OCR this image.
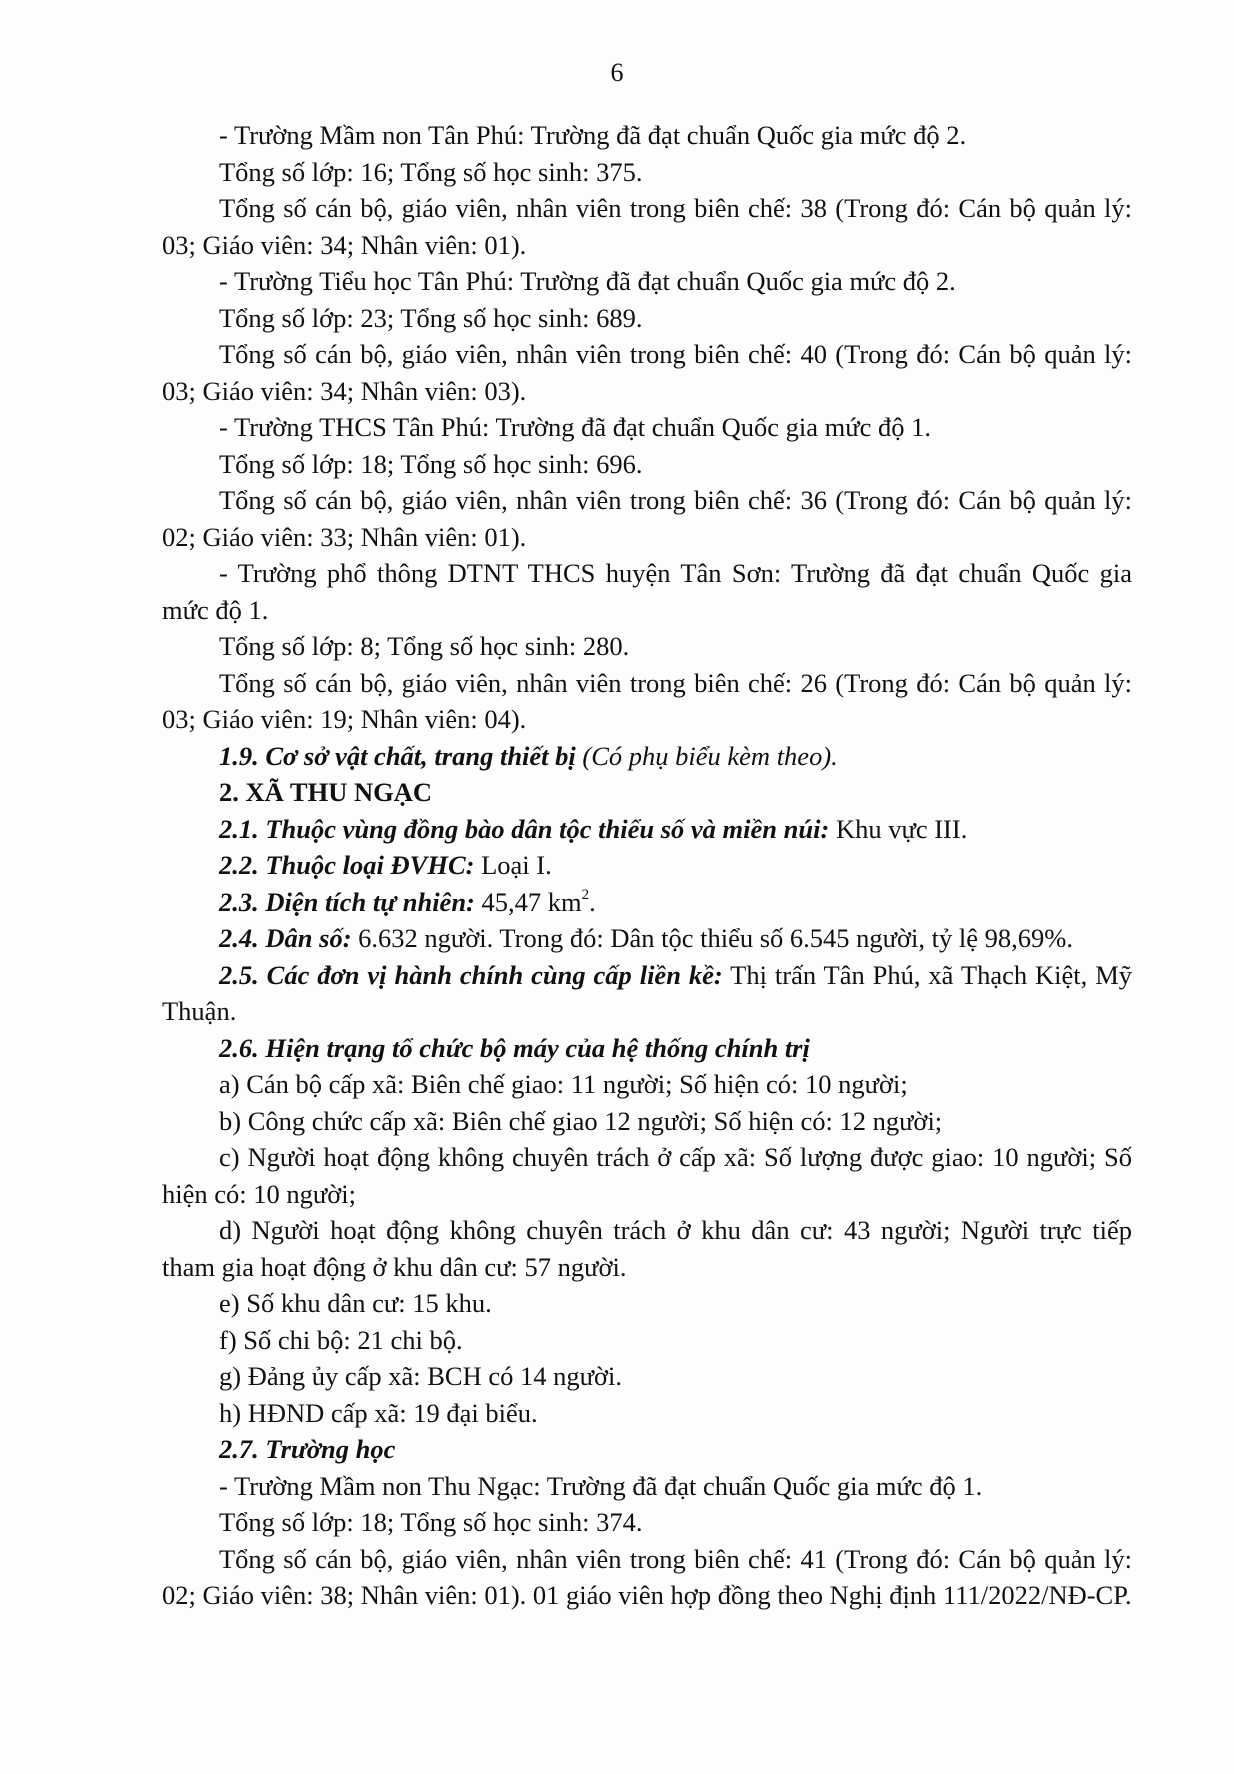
6

- Trường Mầm non Tân Phú: Trường đã đạt chuẩn Quốc gia mức độ 2.

Tổng số lớp: 16; Tổng số học sinh: 375.

Tổng số cán bộ, giáo viên, nhân viên trong biên chế: 38 (Trong đó: Cán bộ quản lý: 03; Giáo viên: 34; Nhân viên: 01).

- Trường Tiểu học Tân Phú: Trường đã đạt chuẩn Quốc gia mức độ 2.

Tổng số lớp: 23; Tổng số học sinh: 689.

Tổng số cán bộ, giáo viên, nhân viên trong biên chế: 40 (Trong đó: Cán bộ quản lý: 03; Giáo viên: 34; Nhân viên: 03).

- Trường THCS Tân Phú: Trường đã đạt chuẩn Quốc gia mức độ 1.

Tổng số lớp: 18; Tổng số học sinh: 696.

Tổng số cán bộ, giáo viên, nhân viên trong biên chế: 36 (Trong đó: Cán bộ quản lý: 02; Giáo viên: 33; Nhân viên: 01).

- Trường phổ thông DTNT THCS huyện Tân Sơn: Trường đã đạt chuẩn Quốc gia mức độ 1.

Tổng số lớp: 8; Tổng số học sinh: 280.

Tổng số cán bộ, giáo viên, nhân viên trong biên chế: 26 (Trong đó: Cán bộ quản lý: 03; Giáo viên: 19; Nhân viên: 04).

1.9. Cơ sở vật chất, trang thiết bị (Có phụ biểu kèm theo).

2. XÃ THU NGẠC

2.1. Thuộc vùng đồng bào dân tộc thiểu số và miền núi: Khu vực III.

2.2. Thuộc loại ĐVHC: Loại I.

2.3. Diện tích tự nhiên: 45,47 $km^2$.

2.4. Dân số: 6.632 người. Trong đó: Dân tộc thiểu số 6.545 người, tỷ lệ 98,69%.

2.5. Các đơn vị hành chính cùng cấp liền kề: Thị trấn Tân Phú, xã Thạch Kiệt, Mỹ Thuận.

2.6. Hiện trạng tổ chức bộ máy của hệ thống chính trị

a) Cán bộ cấp xã: Biên chế giao: 11 người; Số hiện có: 10 người;

b) Công chức cấp xã: Biên chế giao 12 người; Số hiện có: 12 người;

c) Người hoạt động không chuyên trách ở cấp xã: Số lượng được giao: 10 người; Số hiện có: 10 người;

d) Người hoạt động không chuyên trách ở khu dân cư: 43 người; Người trực tiếp tham gia hoạt động ở khu dân cư: 57 người.

e) Số khu dân cư: 15 khu.

f) Số chi bộ: 21 chi bộ.

g) Đảng ủy cấp xã: BCH có 14 người.

h) HĐND cấp xã: 19 đại biểu.

2.7. Trường học

- Trường Mầm non Thu Ngạc: Trường đã đạt chuẩn Quốc gia mức độ 1.

Tổng số lớp: 18; Tổng số học sinh: 374.

Tổng số cán bộ, giáo viên, nhân viên trong biên chế: 41 (Trong đó: Cán bộ quản lý: 02; Giáo viên: 38; Nhân viên: 01). 01 giáo viên hợp đồng theo Nghị định 111/2022/NĐ-CP.
